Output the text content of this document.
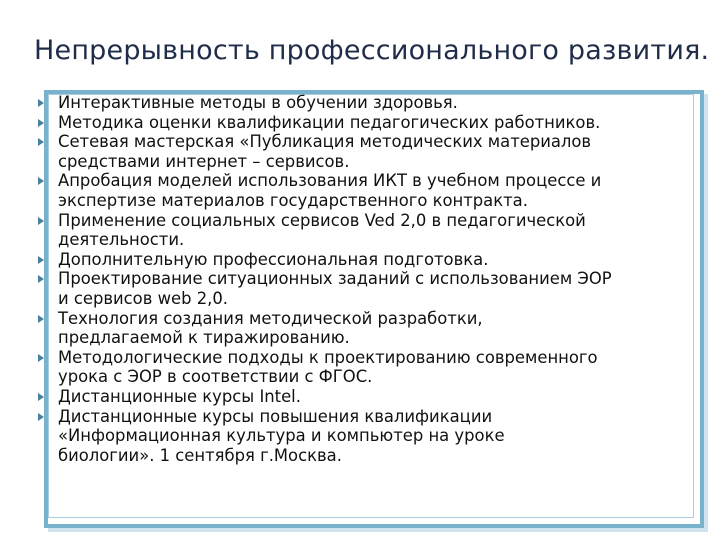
Непрерывность профессионального развития.
Интерактивные методы в обучении здоровья.
Методика оценки квалификации педагогических работников.
Сетевая мастерская «Публикация методических материалов
средствами интернет – сервисов.
Апробация моделей использования ИКТ в учебном процессе и
экспертизе материалов государственного контракта.
Применение социальных сервисов Ved 2,0 в педагогической
деятельности.
Дополнительную профессиональная подготовка.
Проектирование ситуационных заданий с использованием ЭОР
и сервисов web 2,0.
Технология создания методической разработки,
предлагаемой к тиражированию.
Методологические подходы к проектированию современного
урока с ЭОР в соответствии с ФГОС.
Дистанционные курсы Intel.
Дистанционные курсы повышения квалификации
«Информационная культура и компьютер на уроке
биологии». 1 сентября г.Москва.
